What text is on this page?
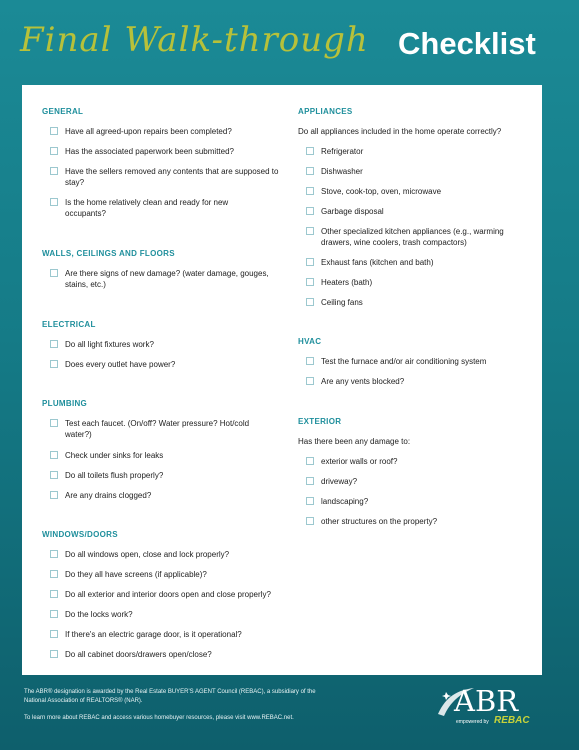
Final Walk-through Checklist
GENERAL
Have all agreed-upon repairs been completed?
Has the associated paperwork been submitted?
Have the sellers removed any contents that are supposed to stay?
Is the home relatively clean and ready for new occupants?
WALLS, CEILINGS AND FLOORS
Are there signs of new damage? (water damage, gouges, stains, etc.)
ELECTRICAL
Do all light fixtures work?
Does every outlet have power?
PLUMBING
Test each faucet. (On/off? Water pressure? Hot/cold water?)
Check under sinks for leaks
Do all toilets flush properly?
Are any drains clogged?
WINDOWS/DOORS
Do all windows open, close and lock properly?
Do they all have screens (if applicable)?
Do all exterior and interior doors open and close properly?
Do the locks work?
If there's an electric garage door, is it operational?
Do all cabinet doors/drawers open/close?
APPLIANCES
Do all appliances included in the home operate correctly?
Refrigerator
Dishwasher
Stove, cook-top, oven, microwave
Garbage disposal
Other specialized kitchen appliances (e.g., warming drawers, wine coolers, trash compactors)
Exhaust fans (kitchen and bath)
Heaters (bath)
Ceiling fans
HVAC
Test the furnace and/or air conditioning system
Are any vents blocked?
EXTERIOR
Has there been any damage to:
exterior walls or roof?
driveway?
landscaping?
other structures on the property?
The ABR® designation is awarded by the Real Estate BUYER'S AGENT Council (REBAC), a subsidiary of the
National Association of REALTORS® (NAR).
To learn more about REBAC and access various homebuyer resources, please visit www.REBAC.net.	ABR
empowered by REBAC
